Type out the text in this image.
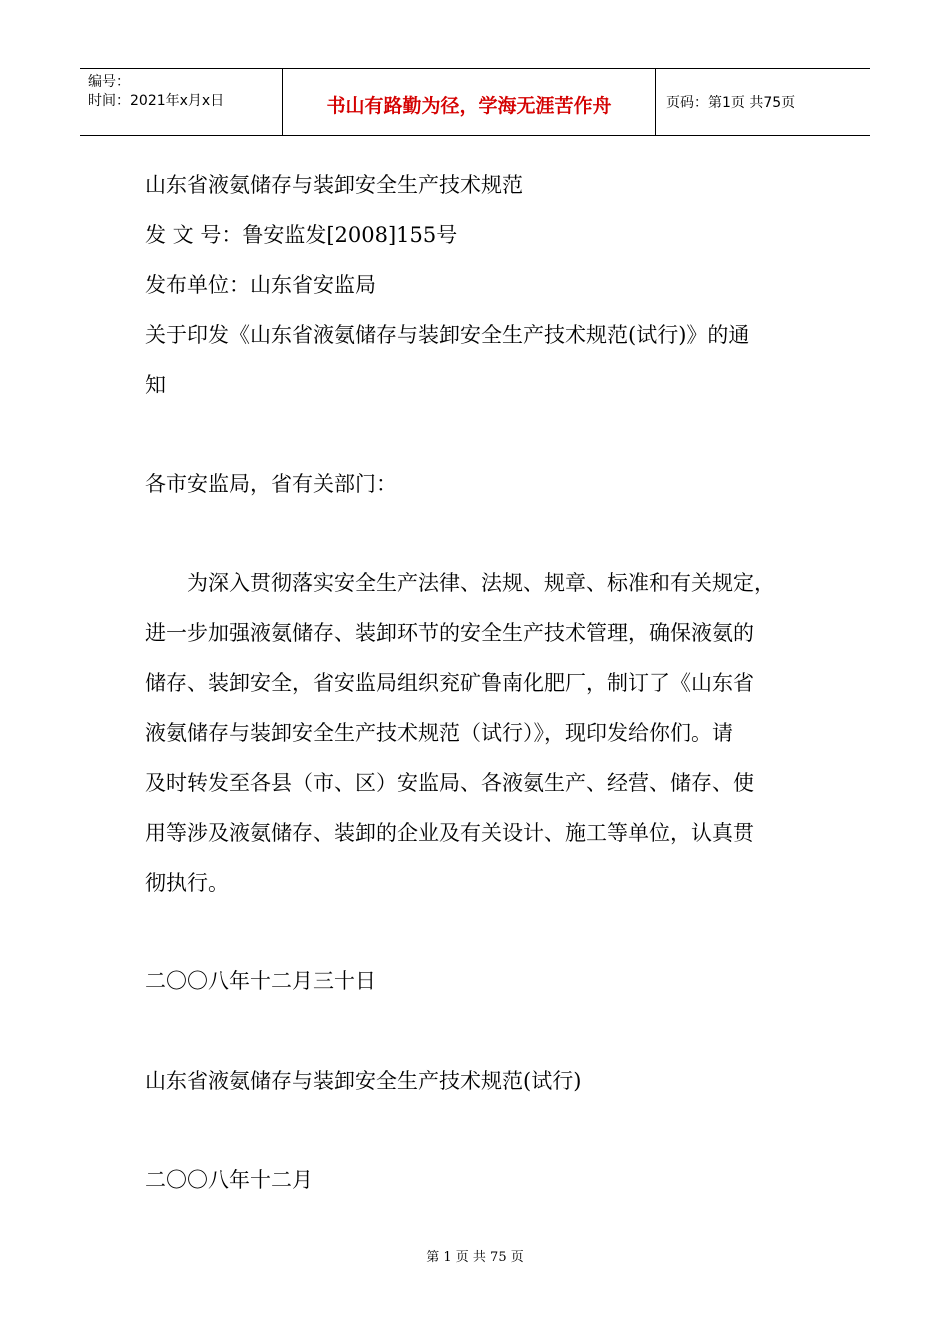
编号：
时间：2021年x月x日	书山有路勤为径，学海无涯苦作舟	页码：第1页 共75页
山东省液氨储存与装卸安全生产技术规范
发 文 号：鲁安监发[2008]155号
发布单位：山东省安监局
关于印发《山东省液氨储存与装卸安全生产技术规范(试行)》的通
知
各市安监局，省有关部门：
　　为深入贯彻落实安全生产法律、法规、规章、标准和有关规定，
进一步加强液氨储存、装卸环节的安全生产技术管理，确保液氨的
储存、装卸安全，省安监局组织兖矿鲁南化肥厂，制订了《山东省
液氨储存与装卸安全生产技术规范（试行）》，现印发给你们。请
及时转发至各县（市、区）安监局、各液氨生产、经营、储存、使
用等涉及液氨储存、装卸的企业及有关设计、施工等单位，认真贯
彻执行。
二〇〇八年十二月三十日
山东省液氨储存与装卸安全生产技术规范(试行)
二〇〇八年十二月
第 1 页 共 75 页
